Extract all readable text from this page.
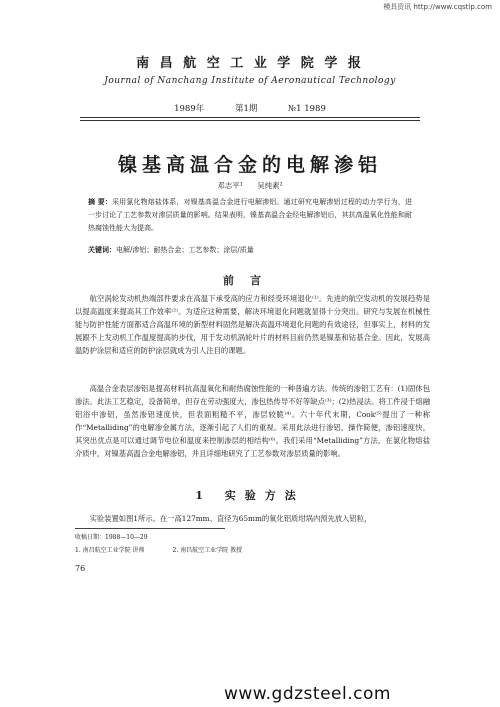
模具资讯 http://www.cqstip.com
南 昌 航 空 工 业 学 院 学 报
Journal of Nanchang Institute of Aeronautical Technology
1989年	第1期	№1 1989
镍基高温合金的电解渗铝
邓志平¹ 吴纯素²
摘 要：采用氯化物熔盐体系，对镍基高温合金进行电解渗铝。通过研究电解渗铝过程的动力学行为，进一步讨论了工艺参数对渗层质量的影响。结果表明，镍基高温合金经电解渗铝后，其抗高温氧化性能和耐热腐蚀性能大为提高。
关键词：电解/渗铝；耐热合金；工艺参数；涂层/质量
前言

航空涡轮发动机热端部件要求在高温下承受高的应力和经受环境退化⁽¹⁾。先进的航空发动机的发展趋势是以提高温度来提高其工作效率⁽²⁾。为适应这种需要，解决环境退化问题就显得十分突出。研究与发展在机械性能与防护性能方面都适合高温环境的新型材料固然是解决高温环境退化问题的有效途径，但事实上，材料的发展跟不上发动机工作温度提高的步伐，用于发动机涡轮叶片的材料目前仍然是镍基和钴基合金。因此，发展高温防护涂层和适应的防护涂层就成为引人注目的课题。

高温合金表层渗铝是提高材料抗高温氧化和耐热腐蚀性能的一种普遍方法。传统的渗铝工艺有：(1)固体包渗法。此法工艺稳定，设备简单，但存在劳动强度大，渗包热传导不好等缺点⁽³⁾；(2)热浸法。将工件浸于熔融铝浴中渗铝，虽然渗铝速度快，但表面粗糙不平，渗层较脆⁽⁴⁾。六十年代末期，Cook⁽⁵⁾提出了一种称作“Metalliding”的电解渗金属方法，逐渐引起了人们的重视。采用此法进行渗铝，操作简便，渗铝速度快，其突出优点是可以通过调节电位和温度来控制渗层的相结构⁽⁶⁾。我们采用“Metalliding”方法，在氯化物熔盐介质中，对镍基高温合金电解渗铝，并且详细地研究了工艺参数对渗层质量的影响。

1 实验方法
实验装置如图1所示。在一高127mm、直径为65mm的氧化铝质坩埚内预先放入铝粒，
收稿日期：1988—10—29
1. 南昌航空工业学院 讲师	2. 南昌航空工业学院 教授
76
www.gdzsteel.com
